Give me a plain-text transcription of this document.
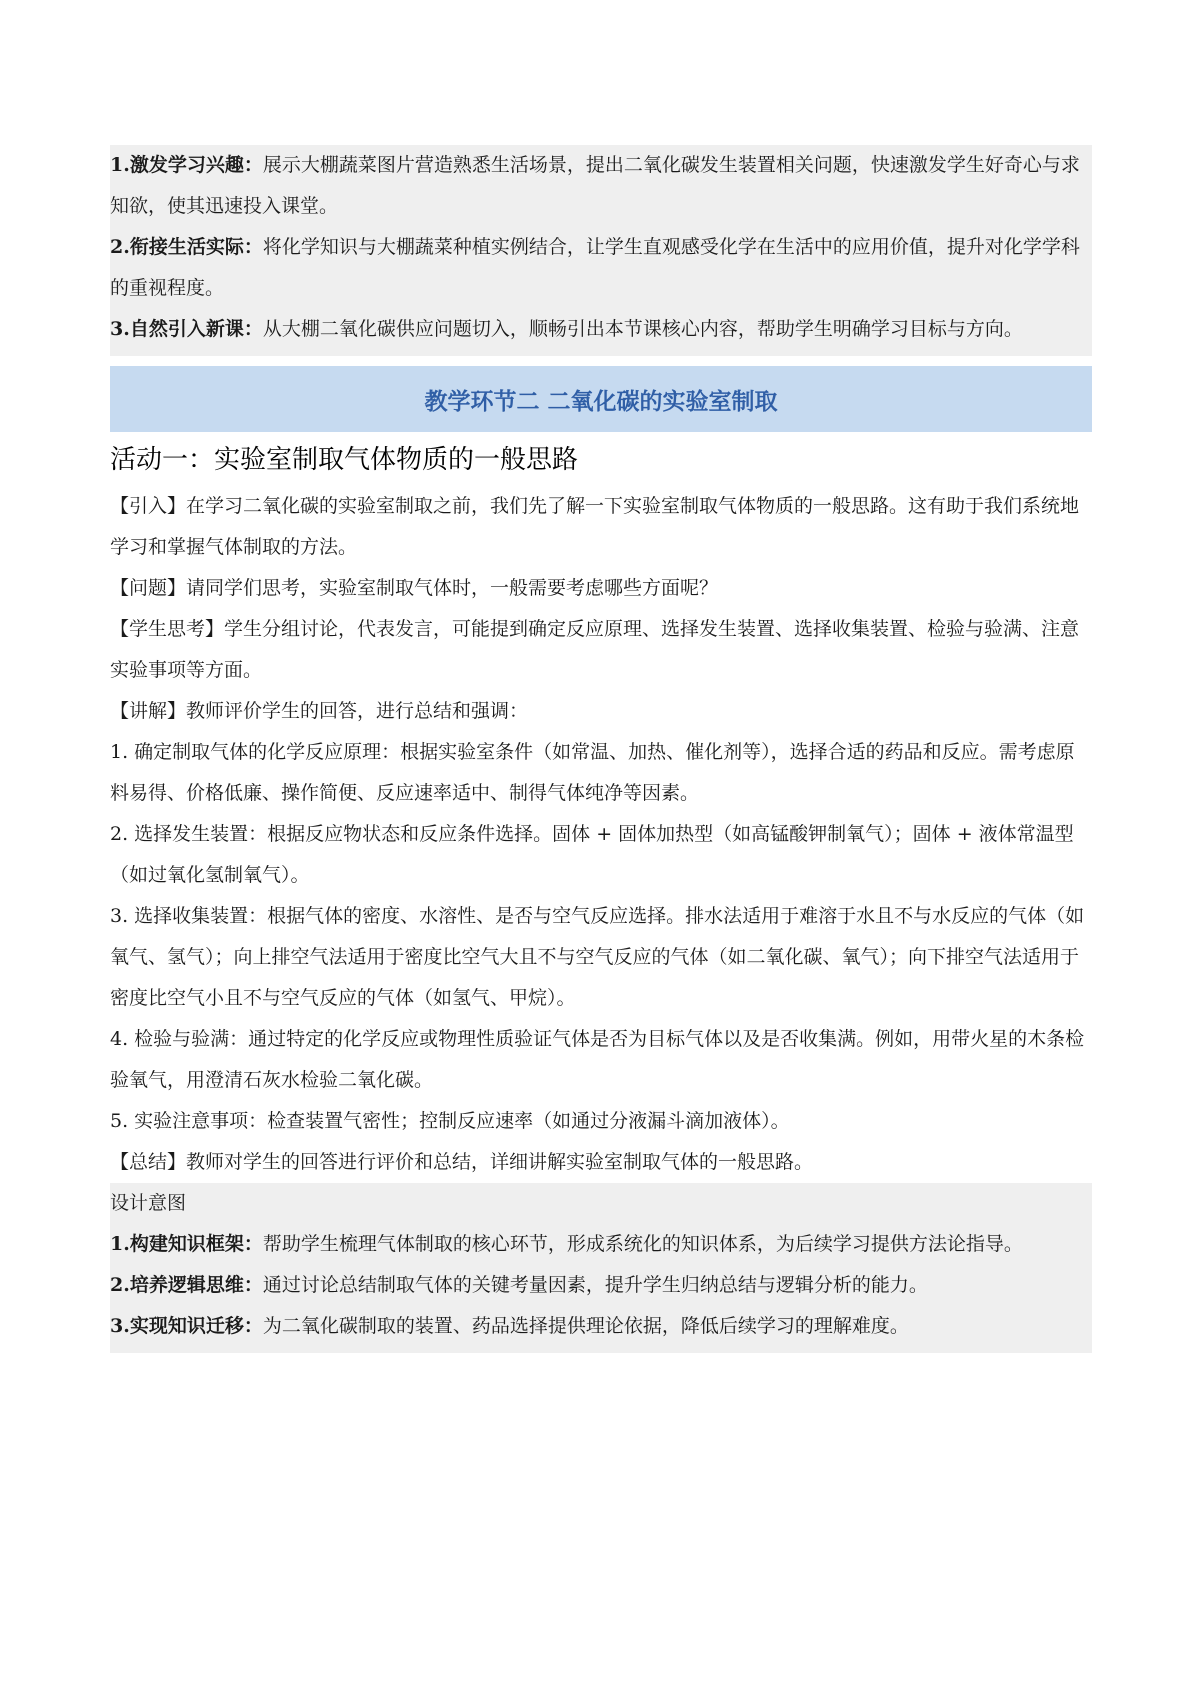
1.激发学习兴趣：展示大棚蔬菜图片营造熟悉生活场景，提出二氧化碳发生装置相关问题，快速激发学生好奇心与求知欲，使其迅速投入课堂。

2.衔接生活实际：将化学知识与大棚蔬菜种植实例结合，让学生直观感受化学在生活中的应用价值，提升对化学学科的重视程度。

3.自然引入新课：从大棚二氧化碳供应问题切入，顺畅引出本节课核心内容，帮助学生明确学习目标与方向。

教学环节二 二氧化碳的实验室制取
活动一：实验室制取气体物质的一般思路

【引入】在学习二氧化碳的实验室制取之前，我们先了解一下实验室制取气体物质的一般思路。这有助于我们系统地学习和掌握气体制取的方法。

【问题】请同学们思考，实验室制取气体时，一般需要考虑哪些方面呢？

【学生思考】学生分组讨论，代表发言，可能提到确定反应原理、选择发生装置、选择收集装置、检验与验满、注意实验事项等方面。

【讲解】教师评价学生的回答，进行总结和强调：

1. 确定制取气体的化学反应原理：根据实验室条件（如常温、加热、催化剂等），选择合适的药品和反应。需考虑原料易得、价格低廉、操作简便、反应速率适中、制得气体纯净等因素。

2. 选择发生装置：根据反应物状态和反应条件选择。固体 + 固体加热型（如高锰酸钾制氧气）；固体 + 液体常温型（如过氧化氢制氧气）。

3. 选择收集装置：根据气体的密度、水溶性、是否与空气反应选择。排水法适用于难溶于水且不与水反应的气体（如氧气、氢气）；向上排空气法适用于密度比空气大且不与空气反应的气体（如二氧化碳、氧气）；向下排空气法适用于密度比空气小且不与空气反应的气体（如氢气、甲烷）。

4. 检验与验满：通过特定的化学反应或物理性质验证气体是否为目标气体以及是否收集满。例如，用带火星的木条检验氧气，用澄清石灰水检验二氧化碳。

5. 实验注意事项：检查装置气密性；控制反应速率（如通过分液漏斗滴加液体）。

【总结】教师对学生的回答进行评价和总结，详细讲解实验室制取气体的一般思路。

设计意图

1.构建知识框架：帮助学生梳理气体制取的核心环节，形成系统化的知识体系，为后续学习提供方法论指导。

2.培养逻辑思维：通过讨论总结制取气体的关键考量因素，提升学生归纳总结与逻辑分析的能力。

3.实现知识迁移：为二氧化碳制取的装置、药品选择提供理论依据，降低后续学习的理解难度。
